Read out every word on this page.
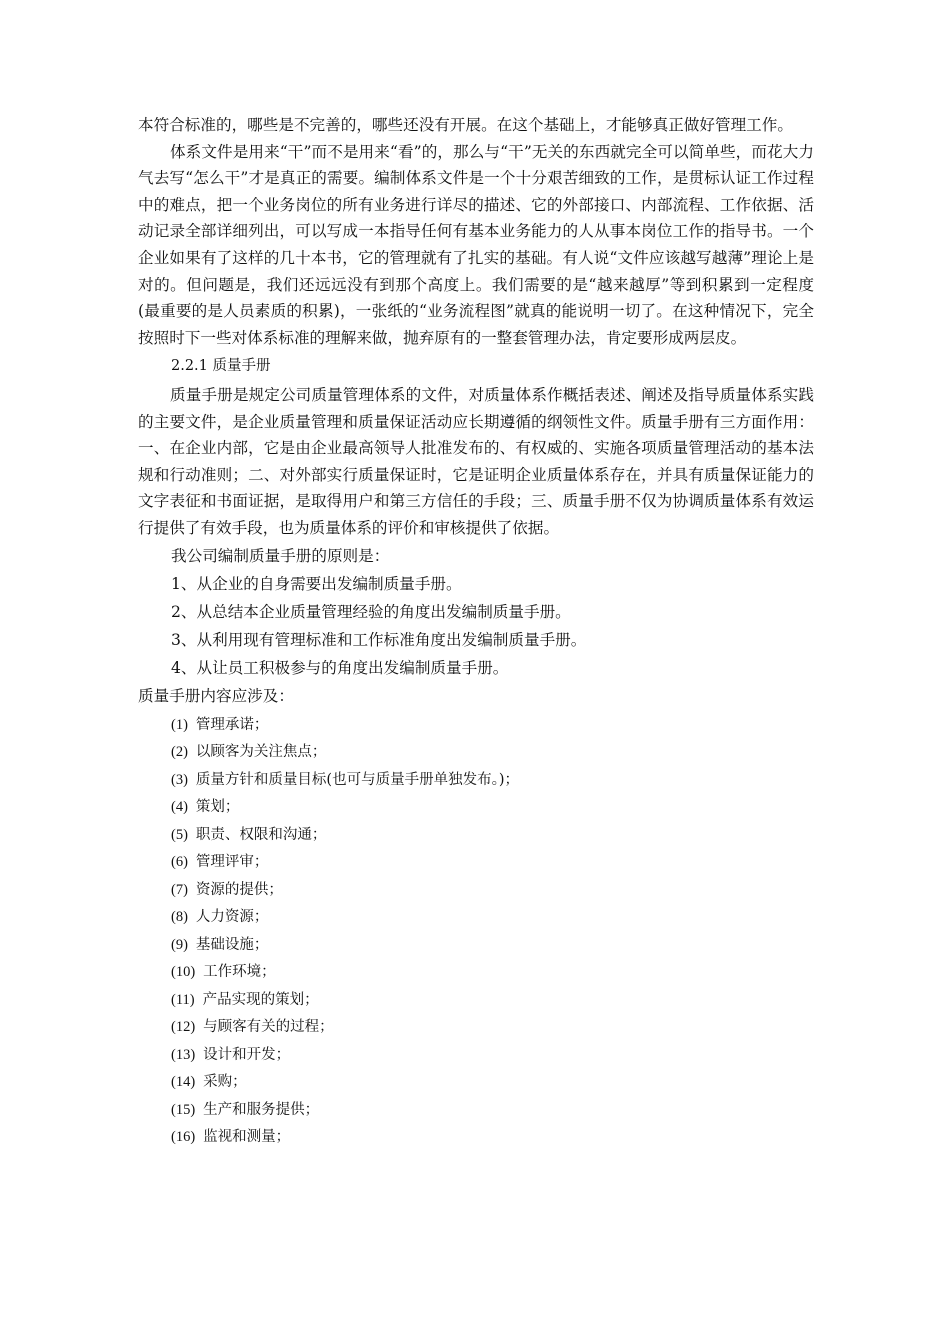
本符合标准的，哪些是不完善的，哪些还没有开展。在这个基础上，才能够真正做好管理工作。

体系文件是用来“干”而不是用来“看”的，那么与“干”无关的东西就完全可以简单些，而花大力气去写“怎么干”才是真正的需要。编制体系文件是一个十分艰苦细致的工作，是贯标认证工作过程中的难点，把一个业务岗位的所有业务进行详尽的描述、它的外部接口、内部流程、工作依据、活动记录全部详细列出，可以写成一本指导任何有基本业务能力的人从事本岗位工作的指导书。一个企业如果有了这样的几十本书，它的管理就有了扎实的基础。有人说“文件应该越写越薄”理论上是对的。但问题是，我们还远远没有到那个高度上。我们需要的是“越来越厚”等到积累到一定程度(最重要的是人员素质的积累)，一张纸的“业务流程图”就真的能说明一切了。在这种情况下，完全按照时下一些对体系标准的理解来做，抛弃原有的一整套管理办法，肯定要形成两层皮。

2.2.1 质量手册

质量手册是规定公司质量管理体系的文件，对质量体系作概括表述、阐述及指导质量体系实践的主要文件，是企业质量管理和质量保证活动应长期遵循的纲领性文件。质量手册有三方面作用：一、在企业内部，它是由企业最高领导人批准发布的、有权威的、实施各项质量管理活动的基本法规和行动准则；二、对外部实行质量保证时，它是证明企业质量体系存在，并具有质量保证能力的文字表征和书面证据，是取得用户和第三方信任的手段；三、质量手册不仅为协调质量体系有效运行提供了有效手段，也为质量体系的评价和审核提供了依据。

我公司编制质量手册的原则是：

1、从企业的自身需要出发编制质量手册。

2、从总结本企业质量管理经验的角度出发编制质量手册。

3、从利用现有管理标准和工作标准角度出发编制质量手册。

4、从让员工积极参与的角度出发编制质量手册。

质量手册内容应涉及：

(1) 管理承诺；
(2) 以顾客为关注焦点；
(3) 质量方针和质量目标(也可与质量手册单独发布。)；
(4) 策划；
(5) 职责、权限和沟通；
(6) 管理评审；
(7) 资源的提供；
(8) 人力资源；
(9) 基础设施；
(10) 工作环境；
(11) 产品实现的策划；
(12) 与顾客有关的过程；
(13) 设计和开发；
(14) 采购；
(15) 生产和服务提供；
(16) 监视和测量；
